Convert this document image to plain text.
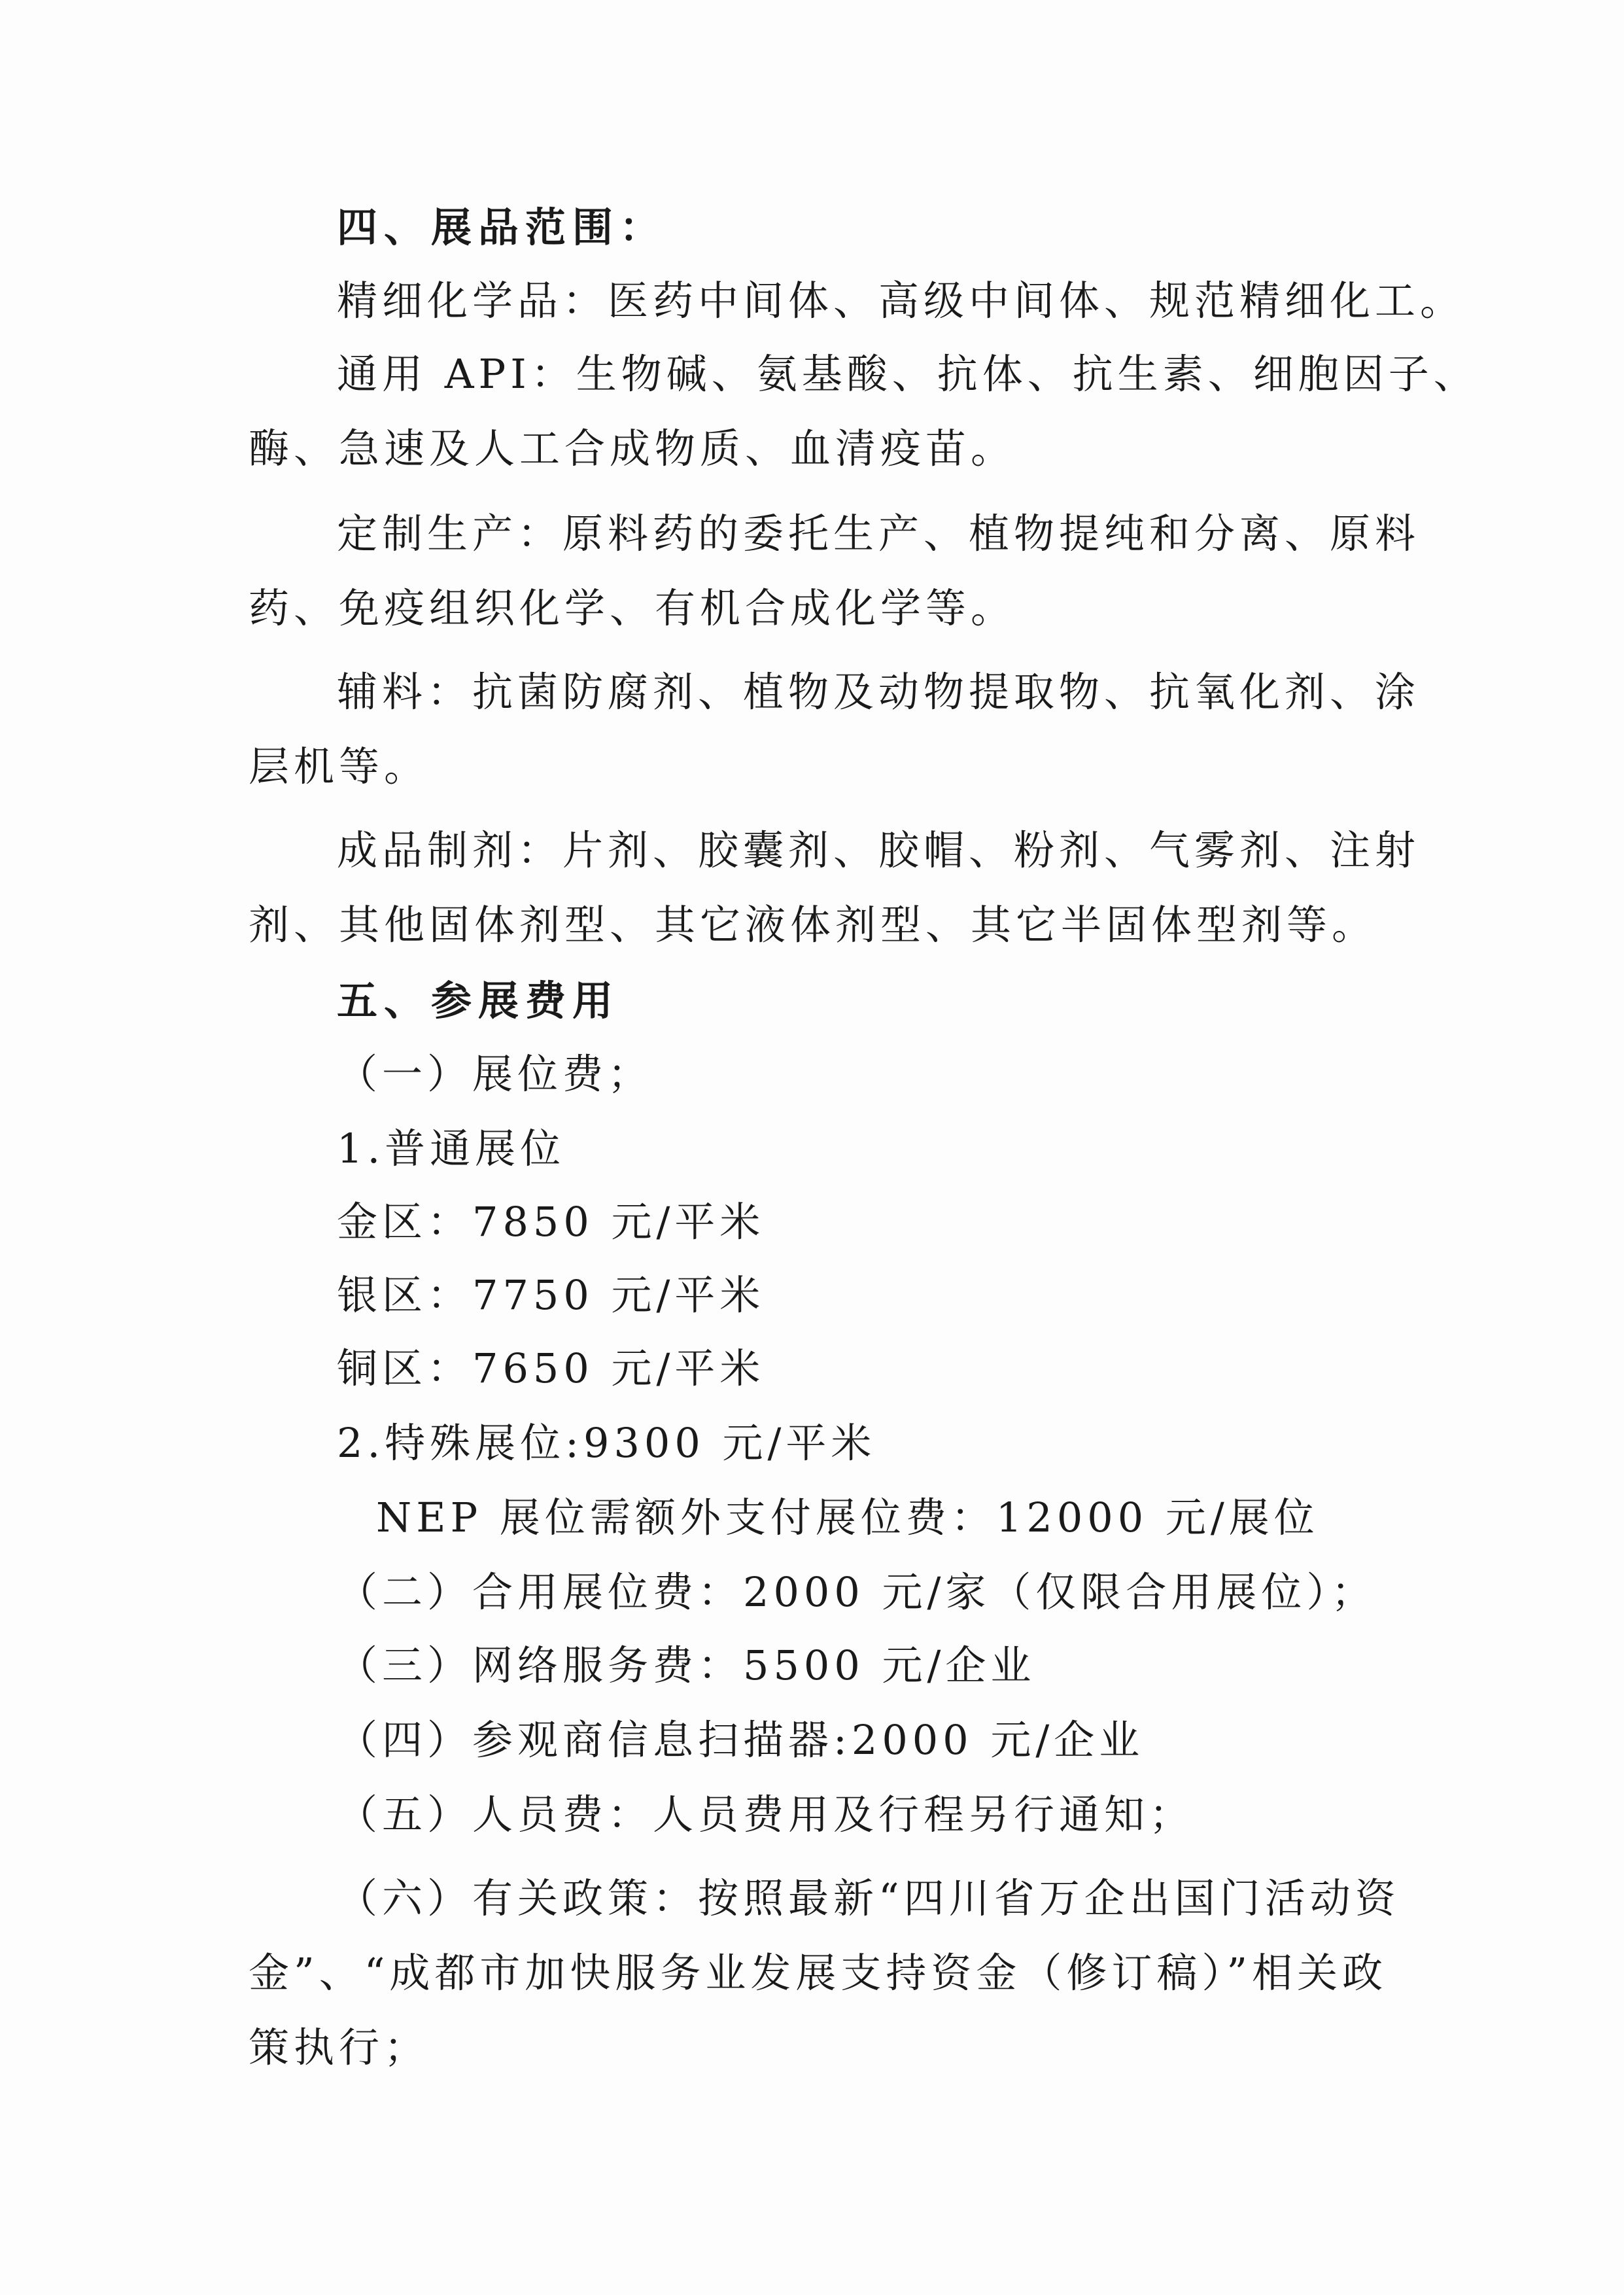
四、展品范围：
精细化学品：医药中间体、高级中间体、规范精细化工。
通用 API：生物碱、氨基酸、抗体、抗生素、细胞因子、
酶、急速及人工合成物质、血清疫苗。
定制生产：原料药的委托生产、植物提纯和分离、原料
药、免疫组织化学、有机合成化学等。
辅料：抗菌防腐剂、植物及动物提取物、抗氧化剂、涂
层机等。
成品制剂：片剂、胶囊剂、胶帽、粉剂、气雾剂、注射
剂、其他固体剂型、其它液体剂型、其它半固体型剂等。
五、参展费用
（一）展位费；
1.普通展位
金区：7850 元/平米
银区：7750 元/平米
铜区：7650 元/平米
2.特殊展位:9300 元/平米
NEP 展位需额外支付展位费：12000 元/展位
（二）合用展位费：2000 元/家（仅限合用展位）；
（三）网络服务费：5500 元/企业
（四）参观商信息扫描器:2000 元/企业
（五）人员费：人员费用及行程另行通知；
（六）有关政策：按照最新“四川省万企出国门活动资
金”、“成都市加快服务业发展支持资金（修订稿）”相关政
策执行；
